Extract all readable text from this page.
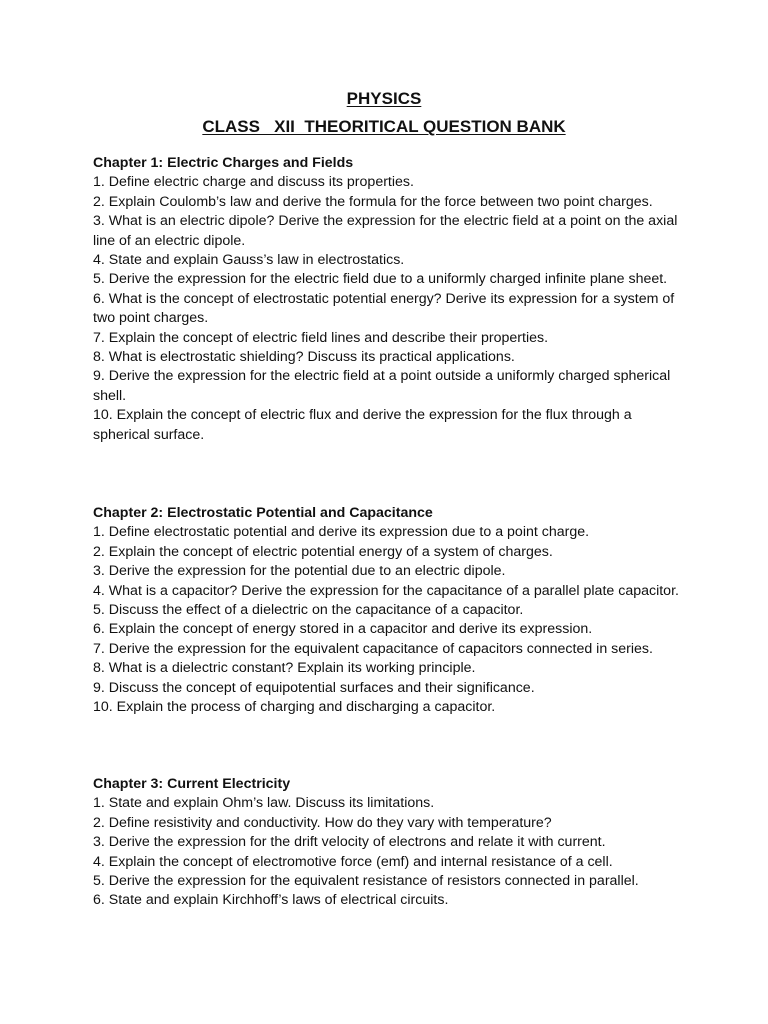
PHYSICS
CLASS   XII  THEORITICAL QUESTION BANK
Chapter 1: Electric Charges and Fields

1. Define electric charge and discuss its properties.

2. Explain Coulomb’s law and derive the formula for the force between two point charges.

3. What is an electric dipole? Derive the expression for the electric field at a point on the axial line of an electric dipole.

4. State and explain Gauss’s law in electrostatics.

5. Derive the expression for the electric field due to a uniformly charged infinite plane sheet.

6. What is the concept of electrostatic potential energy? Derive its expression for a system of two point charges.

7. Explain the concept of electric field lines and describe their properties.

8. What is electrostatic shielding? Discuss its practical applications.

9. Derive the expression for the electric field at a point outside a uniformly charged spherical shell.

10. Explain the concept of electric flux and derive the expression for the flux through a spherical surface.

Chapter 2: Electrostatic Potential and Capacitance

1. Define electrostatic potential and derive its expression due to a point charge.

2. Explain the concept of electric potential energy of a system of charges.

3. Derive the expression for the potential due to an electric dipole.

4. What is a capacitor? Derive the expression for the capacitance of a parallel plate capacitor.

5. Discuss the effect of a dielectric on the capacitance of a capacitor.

6. Explain the concept of energy stored in a capacitor and derive its expression.

7. Derive the expression for the equivalent capacitance of capacitors connected in series.

8. What is a dielectric constant? Explain its working principle.

9. Discuss the concept of equipotential surfaces and their significance.

10. Explain the process of charging and discharging a capacitor.

Chapter 3: Current Electricity

1. State and explain Ohm’s law. Discuss its limitations.

2. Define resistivity and conductivity. How do they vary with temperature?

3. Derive the expression for the drift velocity of electrons and relate it with current.

4. Explain the concept of electromotive force (emf) and internal resistance of a cell.

5. Derive the expression for the equivalent resistance of resistors connected in parallel.

6. State and explain Kirchhoff’s laws of electrical circuits.
